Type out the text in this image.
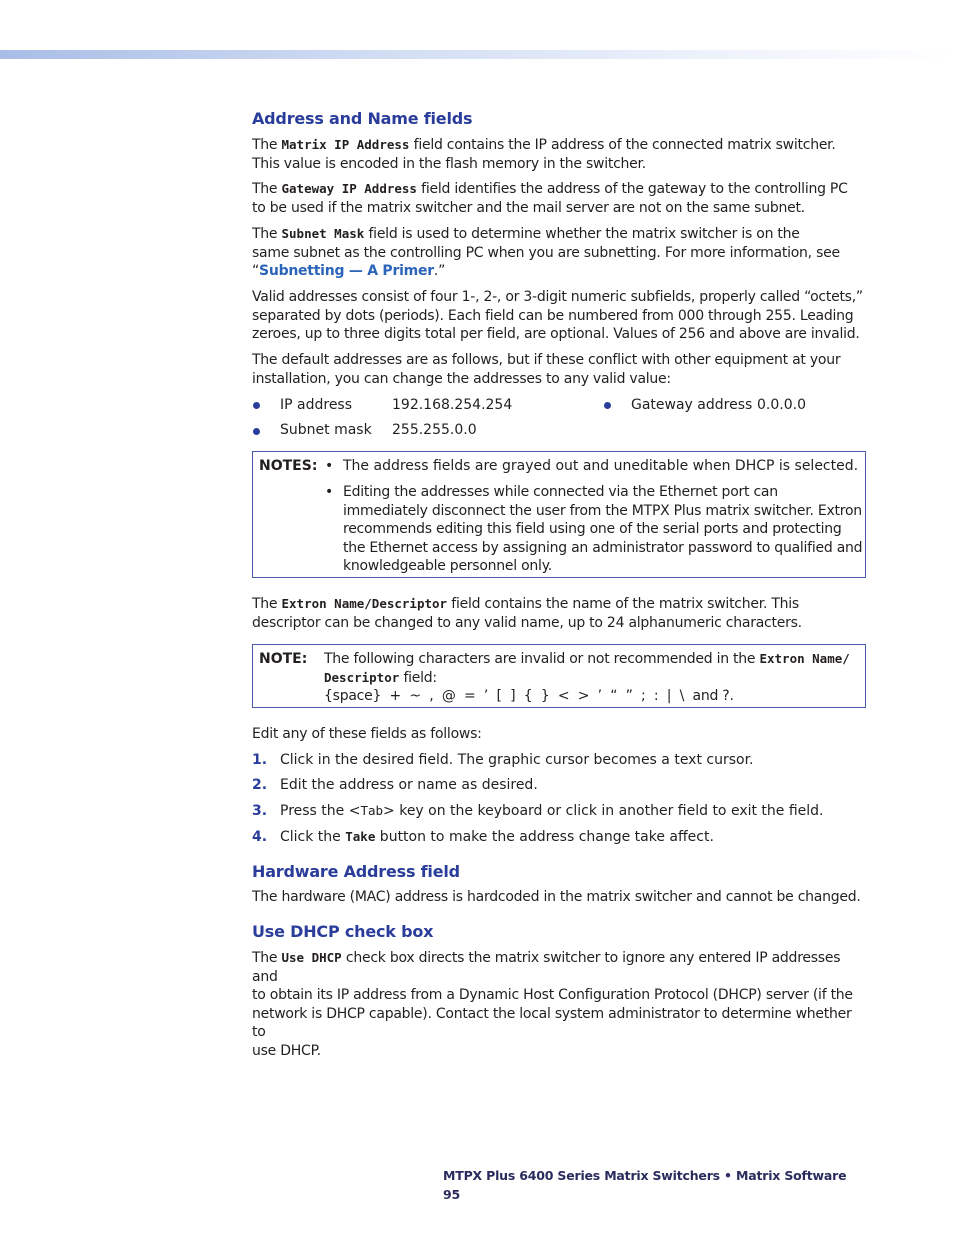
Address and Name fields

The Matrix IP Address field contains the IP address of the connected matrix switcher.
This value is encoded in the flash memory in the switcher.

The Gateway IP Address field identifies the address of the gateway to the controlling PC
to be used if the matrix switcher and the mail server are not on the same subnet.

The Subnet Mask field is used to determine whether the matrix switcher is on the
same subnet as the controlling PC when you are subnetting. For more information, see
“Subnetting — A Primer.”

Valid addresses consist of four 1-, 2-, or 3-digit numeric subfields, properly called “octets,”
separated by dots (periods). Each field can be numbered from 000 through 255. Leading
zeroes, up to three digits total per field, are optional. Values of 256 and above are invalid.

The default addresses are as follows, but if these conflict with other equipment at your
installation, you can change the addresses to any valid value:

IP address	192.168.254.254
Subnet mask 255.255.0.0
Gateway address 0.0.0.0
NOTES: • The address fields are grayed out and uneditable when DHCP is selected.
• Editing the addresses while connected via the Ethernet port can
immediately disconnect the user from the MTPX Plus matrix switcher. Extron
recommends editing this field using one of the serial ports and protecting
the Ethernet access by assigning an administrator password to qualified and
knowledgeable personnel only.

The Extron Name/Descriptor field contains the name of the matrix switcher. This
descriptor can be changed to any valid name, up to 24 alphanumeric characters.

NOTE: The following characters are invalid or not recommended in the Extron Name/
Descriptor field:
{space}  +  ~  ,  @  =  ’  [  ]  {  }  <  >  ’  “  ”  ;  :  |  \  and ?.

Edit any of these fields as follows:

1. Click in the desired field. The graphic cursor becomes a text cursor.
2. Edit the address or name as desired.
3. Press the <Tab> key on the keyboard or click in another field to exit the field.
4. Click the Take button to make the address change take affect.
Hardware Address field

The hardware (MAC) address is hardcoded in the matrix switcher and cannot be changed.

Use DHCP check box

The Use DHCP check box directs the matrix switcher to ignore any entered IP addresses and
to obtain its IP address from a Dynamic Host Configuration Protocol (DHCP) server (if the
network is DHCP capable). Contact the local system administrator to determine whether to
use DHCP.

MTPX Plus 6400 Series Matrix Switchers • Matrix Software  95
